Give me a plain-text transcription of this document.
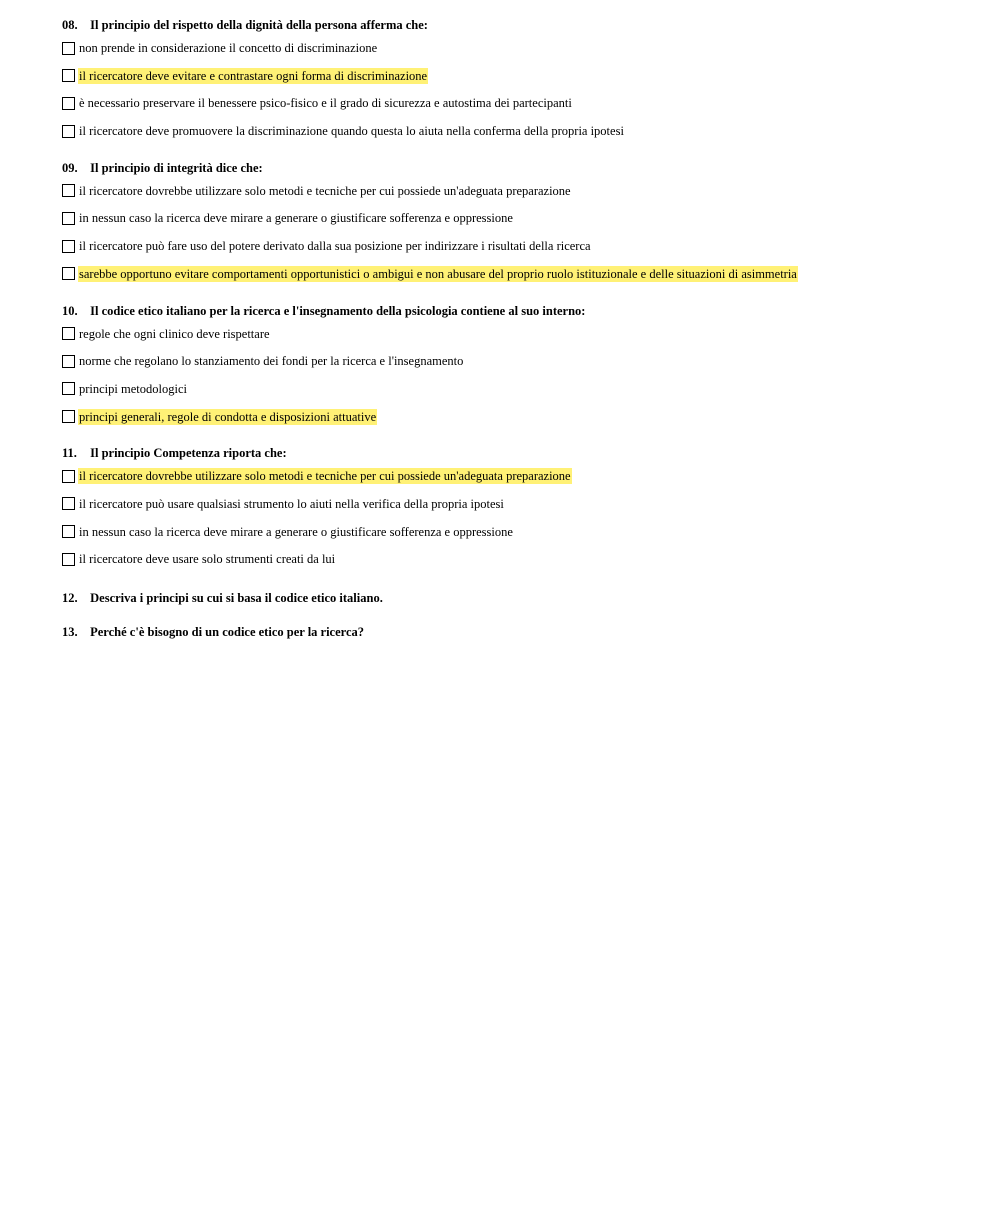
08. Il principio del rispetto della dignità della persona afferma che:
non prende in considerazione il concetto di discriminazione
il ricercatore deve evitare e contrastare ogni forma di discriminazione
è necessario preservare il benessere psico-fisico e il grado di sicurezza e autostima dei partecipanti
il ricercatore deve promuovere la discriminazione quando questa lo aiuta nella conferma della propria ipotesi
09. Il principio di integrità dice che:
il ricercatore dovrebbe utilizzare solo metodi e tecniche per cui possiede un'adeguata preparazione
in nessun caso la ricerca deve mirare a generare o giustificare sofferenza e oppressione
il ricercatore può fare uso del potere derivato dalla sua posizione per indirizzare i risultati della ricerca
sarebbe opportuno evitare comportamenti opportunistici o ambigui e non abusare del proprio ruolo istituzionale e delle situazioni di asimmetria
10. Il codice etico italiano per la ricerca e l'insegnamento della psicologia contiene al suo interno:
regole che ogni clinico deve rispettare
norme che regolano lo stanziamento dei fondi per la ricerca e l'insegnamento
principi metodologici
principi generali, regole di condotta e disposizioni attuative
11. Il principio Competenza riporta che:
il ricercatore dovrebbe utilizzare solo metodi e tecniche per cui possiede un'adeguata preparazione
il ricercatore può usare qualsiasi strumento lo aiuti nella verifica della propria ipotesi
in nessun caso la ricerca deve mirare a generare o giustificare sofferenza e oppressione
il ricercatore deve usare solo strumenti creati da lui
12. Descriva i principi su cui si basa il codice etico italiano.
13. Perché c'è bisogno di un codice etico per la ricerca?
